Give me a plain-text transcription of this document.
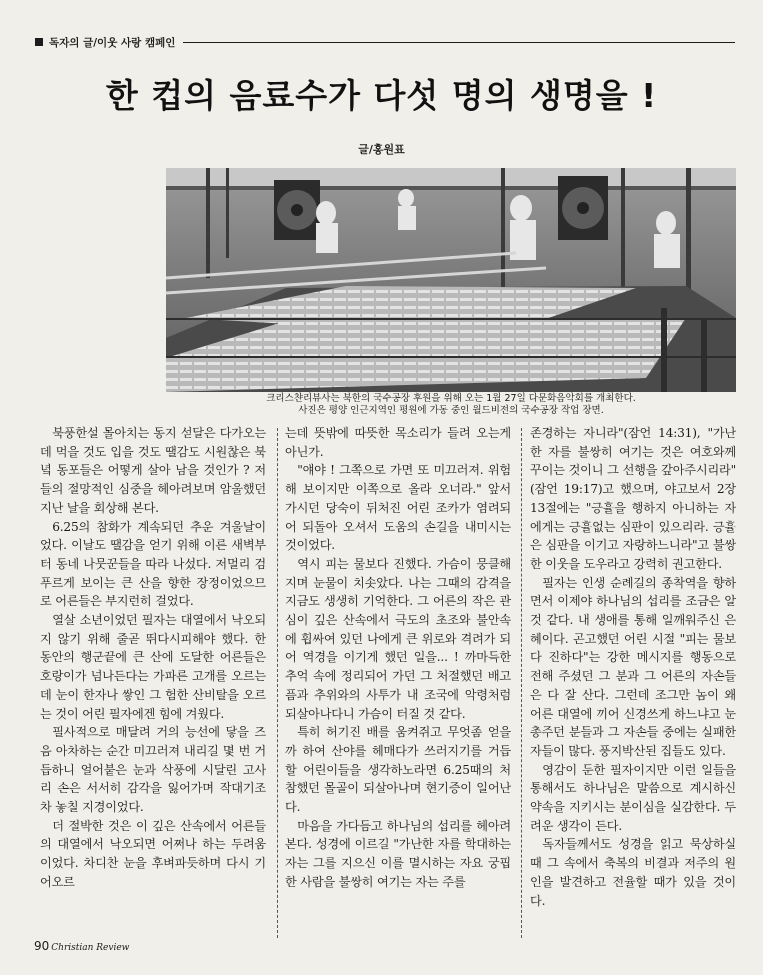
독자의 글/이웃 사랑 캠페인
한 컵의 음료수가 다섯 명의 생명을 !
글/홍원표
크리스챤리뷰사는 북한의 국수공장 후원을 위해 오는 1월 27일 다문화음악회를 개최한다.
사진은 평양 인근지역인 평원에 가동 중인 월드비전의 국수공장 작업 장면.

북풍한설 몰아치는 동지 섣달은 다가오는데 먹을 것도 입을 것도 땔감도 시원찮은 북녘 동포들은 어떻게 살아 남을 것인가 ? 저들의 절망적인 심중을 헤아려보며 암울했던 지난 날을 회상해 본다.

6.25의 참화가 계속되던 추운 겨울날이었다. 이날도 땔감을 얻기 위해 이른 새벽부터 동네 나뭇꾼들을 따라 나섰다. 저멀리 검푸르게 보이는 큰 산을 향한 장정이었으므로 어른들은 부지런히 걸었다.

열살 소년이었던 필자는 대열에서 낙오되지 않기 위해 줄곧 뛰다시피해야 했다. 한 동안의 행군끝에 큰 산에 도달한 어른들은 호랑이가 넘나든다는 가파른 고개를 오르는데 눈이 한자나 쌓인 그 험한 산비탈을 오르는 것이 어린 필자에겐 힘에 겨웠다.

필사적으로 매달려 거의 능선에 닿을 즈음 아차하는 순간 미끄러져 내리길 몇 번 거듭하니 얼어붙은 눈과 삭풍에 시달린 고사리 손은 서서히 감각을 잃어가며 작대기조차 놓칠 지경이었다.

더 절박한 것은 이 깊은 산속에서 어른들의 대열에서 낙오되면 어쩌나 하는 두려움이었다. 차디찬 눈을 후벼파듯하며 다시 기어오르

는데 뜻밖에 따뜻한 목소리가 들려 오는게 아닌가.

"얘야 ! 그쪽으로 가면 또 미끄러져. 위험해 보이지만 이쪽으로 올라 오너라." 앞서 가시던 당숙이 뒤처진 어린 조카가 염려되어 되돌아 오셔서 도움의 손길을 내미시는 것이었다.

역시 피는 물보다 진했다. 가슴이 뭉클해지며 눈물이 치솟았다. 나는 그때의 감격을 지금도 생생히 기억한다. 그 어른의 작은 관심이 깊은 산속에서 극도의 초조와 불안속에 휩싸여 있던 나에게 큰 위로와 격려가 되어 역경을 이기게 했던 일을... ! 까마득한 추억 속에 정리되어 가던 그 처절했던 배고픔과 추위와의 사투가 내 조국에 악령처럼 되살아나다니 가슴이 터질 것 같다.

특히 허기진 배를 움켜쥐고 무엇좀 얻을까 하여 산야를 헤매다가 쓰러지기를 거듭할 어린이들을 생각하노라면 6.25때의 처참했던 몰골이 되살아나며 현기증이 일어난다.

마음을 가다듬고 하나님의 섭리를 헤아려 본다. 성경에 이르길 "가난한 자를 학대하는 자는 그를 지으신 이를 멸시하는 자요 궁핍한 사람을 불쌍히 여기는 자는 주를

존경하는 자니라"(잠언 14:31), "가난한 자를 불쌍히 여기는 것은 여호와께 꾸이는 것이니 그 선행을 갚아주시리라"(잠언 19:17)고 했으며, 야고보서 2장 13절에는 "긍휼을 행하지 아니하는 자에게는 긍휼없는 심판이 있으리라. 긍휼은 심판을 이기고 자랑하느니라"고 불쌍한 이웃을 도우라고 강력히 권고한다.

필자는 인생 순례길의 종착역을 향하면서 이제야 하나님의 섭리를 조금은 알 것 같다. 내 생애를 통해 일깨워주신 은혜이다. 곤고했던 어린 시절 "피는 물보다 진하다"는 강한 메시지를 행동으로 전해 주셨던 그 분과 그 어른의 자손들은 다 잘 산다. 그런데 조그만 놈이 왜 어른 대열에 끼어 신경쓰게 하느냐고 눈총주던 분들과 그 자손들 중에는 실패한 자들이 많다. 풍지박산된 집들도 있다.

영감이 둔한 필자이지만 이런 일들을 통해서도 하나님은 말씀으로 계시하신 약속을 지키시는 분이심을 실감한다. 두려운 생각이 든다.

독자들께서도 성경을 읽고 묵상하실 때 그 속에서 축복의 비결과 저주의 원인을 발견하고 전율할 때가 있을 것이다.

90 Christian Review
